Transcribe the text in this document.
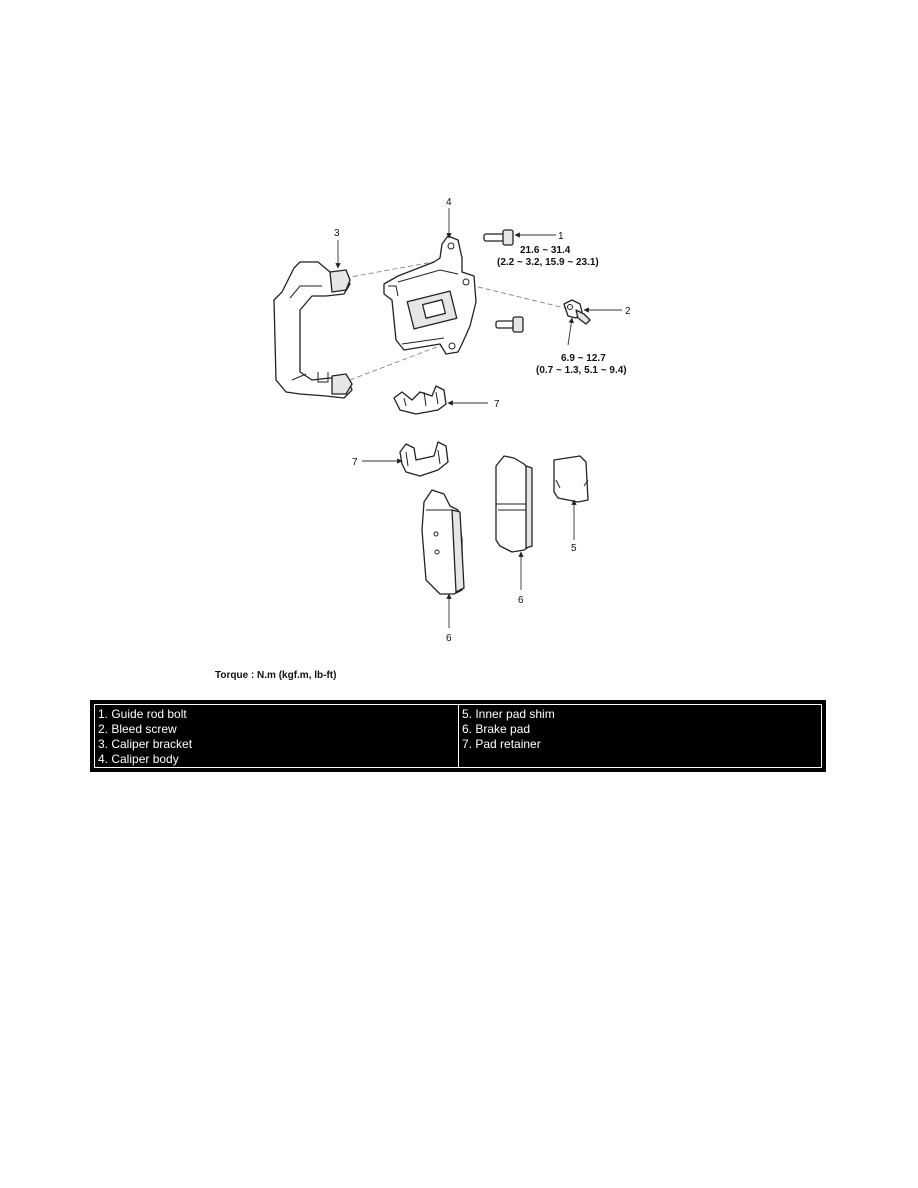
1
2
3
4
5
6
6
7
7
21.6 ~ 31.4
(2.2 ~ 3.2, 15.9 ~ 23.1)
6.9 ~ 12.7
(0.7 ~ 1.3, 5.1 ~ 9.4)
Torque : N.m (kgf.m, lb-ft)
1. Guide rod bolt
2. Bleed screw
3. Caliper bracket
4. Caliper body
5. Inner pad shim
6. Brake pad
7. Pad retainer
